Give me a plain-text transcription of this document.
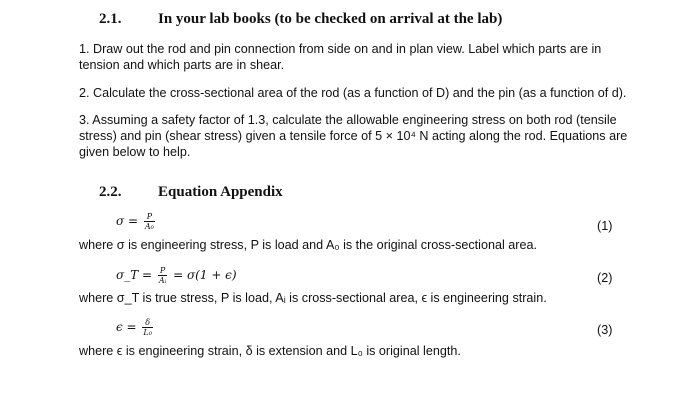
2.1. In your lab books (to be checked on arrival at the lab)
1. Draw out the rod and pin connection from side on and in plan view. Label which parts are in
tension and which parts are in shear.
2. Calculate the cross-sectional area of the rod (as a function of D) and the pin (as a function of d).
3. Assuming a safety factor of 1.3, calculate the allowable engineering stress on both rod (tensile
stress) and pin (shear stress) given a tensile force of 5 × 10⁴ N acting along the rod. Equations are
given below to help.
2.2. Equation Appendix
$\sigma = \frac{P}{\text{A₀}}$	(1)
where σ is engineering stress, P is load and A₀ is the original cross-sectional area.
σ_T = $\frac{P}{\text{Aᵢ}} = \sigma(1 + \epsilon)$	(2)
where σ_T is true stress, P is load, Aᵢ is cross-sectional area, ϵ is engineering strain.
$\epsilon = \frac{\delta}{\text{L₀}}$	(3)
where ϵ is engineering strain, δ is extension and L₀ is original length.
